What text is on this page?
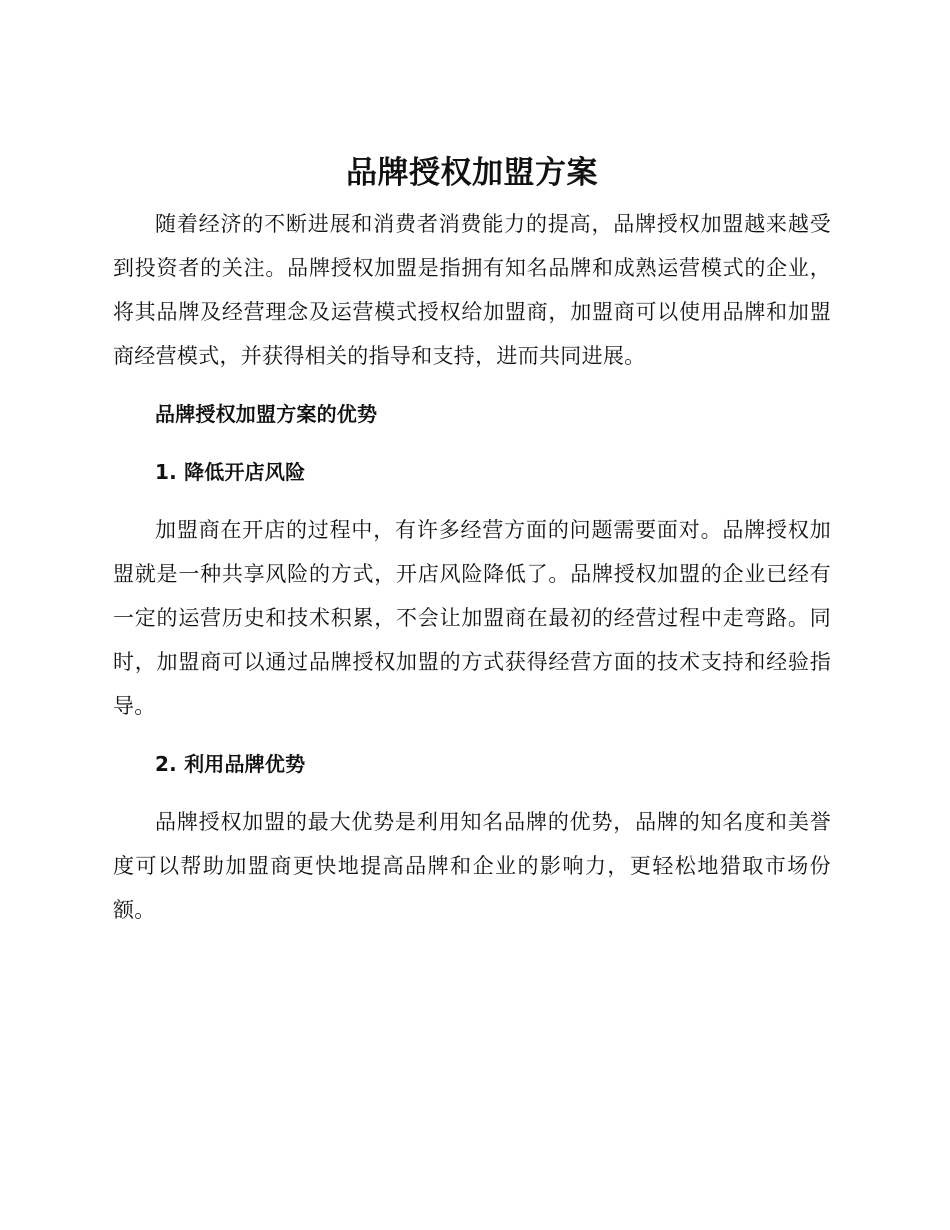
品牌授权加盟方案

随着经济的不断进展和消费者消费能力的提高，品牌授权加盟越来越受到投资者的关注。品牌授权加盟是指拥有知名品牌和成熟运营模式的企业，将其品牌及经营理念及运营模式授权给加盟商，加盟商可以使用品牌和加盟商经营模式，并获得相关的指导和支持，进而共同进展。

品牌授权加盟方案的优势
1. 降低开店风险

加盟商在开店的过程中，有许多经营方面的问题需要面对。品牌授权加盟就是一种共享风险的方式，开店风险降低了。品牌授权加盟的企业已经有一定的运营历史和技术积累，不会让加盟商在最初的经营过程中走弯路。同时，加盟商可以通过品牌授权加盟的方式获得经营方面的技术支持和经验指导。

2. 利用品牌优势

品牌授权加盟的最大优势是利用知名品牌的优势，品牌的知名度和美誉度可以帮助加盟商更快地提高品牌和企业的影响力，更轻松地猎取市场份额。
